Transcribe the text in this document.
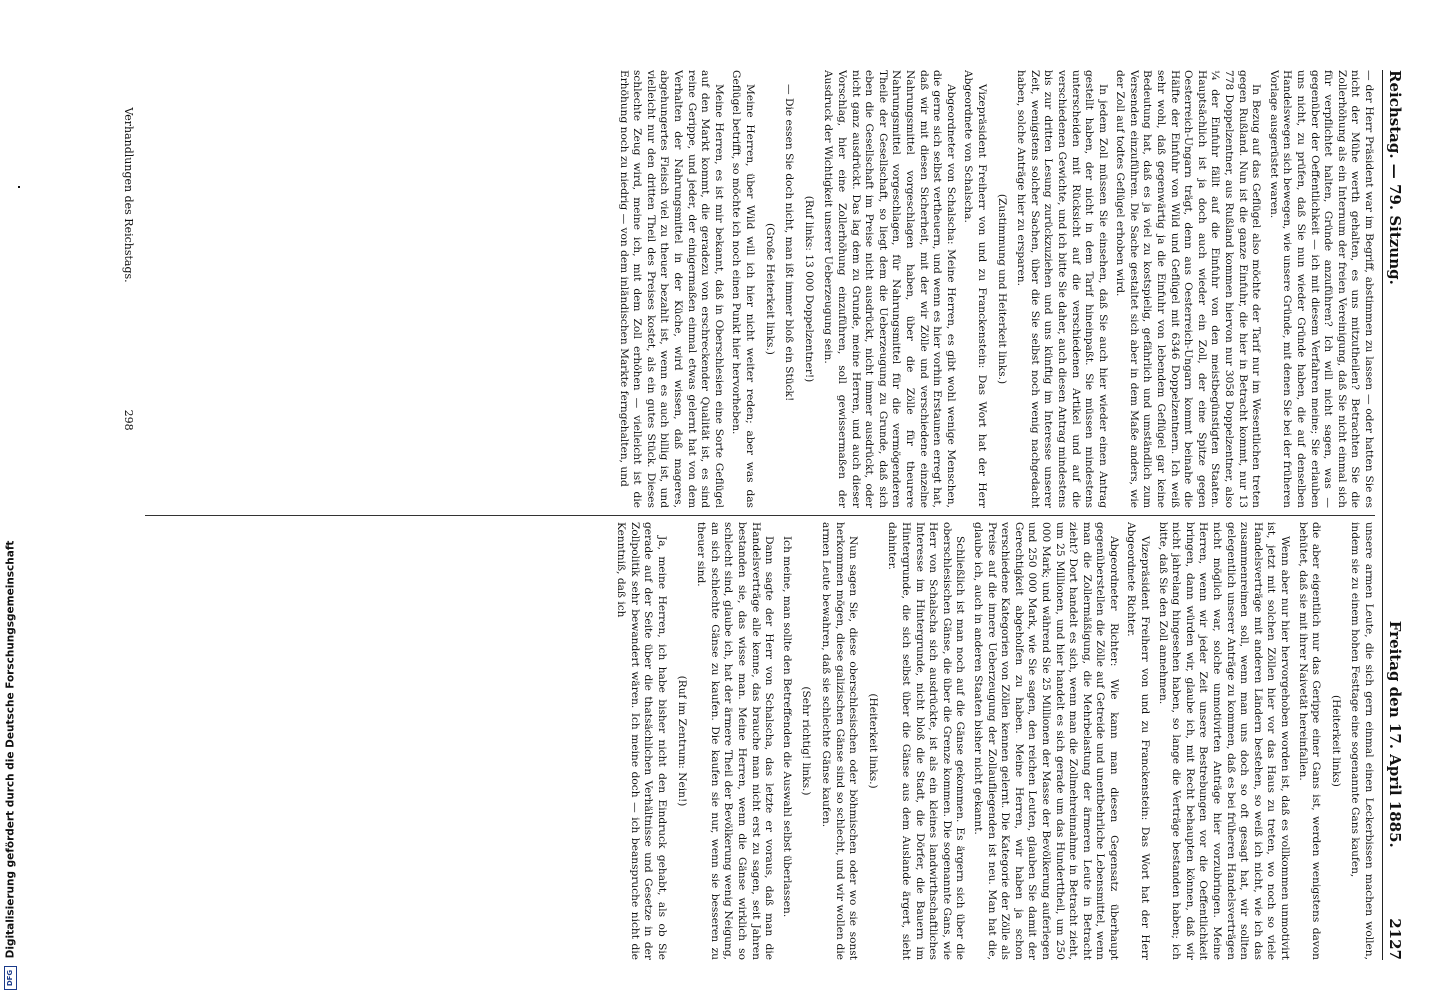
Reichstag. — 79. Sitzung.
Freitag den 17. April 1885.  2127

— der Herr Präsident war im Begriff, abstimmen zu lassen — oder hatten Sie es nicht der Mühe werth gehalten, es uns mitzutheilen? Betrachten Sie die Zollerhöhung als ein Internum der freien Vereinigung, daß Sie nicht einmal sich für verpflichtet halten, Gründe anzuführen? Ich will nicht sagen, was — gegenüber der Oeffentlichkeit — ich mit diesem Verfahren meine; Sie erlauben uns nicht, zu prüfen, daß Sie nun wieder Gründe haben, die auf denselben Handelswegen sich bewegen, wie unsere Gründe, mit denen Sie bei der früheren Vorlage ausgerüstet waren.

In Bezug auf das Geflügel also möchte der Tarif nur im Wesentlichen treten gegen Rußland. Nun ist die ganze Einfuhr, die hier in Betracht kommt, nur 13 778 Doppelzentner, aus Rußland kommen hiervon nur 3058 Doppelzentner, also ¼ der Einfuhr fällt auf die Einfuhr von den meistbegünstigten Staaten. Hauptsächlich ist ja doch auch wieder ein Zoll, der eine Spitze gegen Oesterreich-Ungarn trägt, denn aus Oesterreich-Ungarn kommt beinahe die Hälfte der Einfuhr von Wild und Geflügel mit 6346 Doppelzentnern. Ich weiß sehr wohl, daß gegenwärtig ja die Einfuhr von lebendem Geflügel gar keine Bedeutung hat, daß es ja viel zu kostspielig, gefährlich und umständlich zum Versenden einzuführen. Die Sache gestaltet sich aber in dem Maße anders, wie der Zoll auf todtes Geflügel erhoben wird.

In jedem Zoll müssen Sie einsehen, daß Sie auch hier wieder einen Antrag gestellt haben, der nicht in dem Tarif hineinpaßt. Sie müssen mindestens unterscheiden mit Rücksicht auf die verschiedenen Artikel und auf die verschiedenen Gewichte, und ich bitte Sie daher, auch diesen Antrag mindestens bis zur dritten Lesung zurückzuziehen und uns künftig im Interesse unserer Zeit, wenigstens solcher Sachen, über die Sie selbst noch wenig nachgedacht haben, solche Anträge hier zu ersparen.

(Zustimmung und Heiterkeit links.)

Vizepräsident Freiherr von und zu Franckenstein: Das Wort hat der Herr Abgeordnete von Schalscha.

Abgeordneter von Schalscha: Meine Herren, es gibt wohl wenige Menschen, die gerne sich selbst vertheuern, und wenn es hier vorhin Erstaunen erregt hat, daß wir mit diesen Sicherheit, mit der wir Zölle und verschiedene einzelne Nahrungsmittel vorgeschlagen haben, über die Zölle für theurere Nahrungsmittel vorgeschlagen, für Nahrungsmittel für die vermögenderen Theile der Gesellschaft, so liegt dem die Ueberzeugung zu Grunde, daß sich eben die Gesellschaft im Preise nicht ausdrückt, nicht immer ausdrückt, oder nicht ganz ausdrückt. Das lag dem zu Grunde, meine Herren, und auch dieser Vorschlag, hier eine Zollerhöhung einzuführen, soll gewissermaßen der Ausdruck der Wichtigkeit unserer Ueberzeugung sein.

(Ruf links: 13 000 Doppelzentner!)

— Die essen Sie doch nicht, man ißt immer bloß ein Stück!

(Große Heiterkeit links.)

Meine Herren, über Wild will ich hier nicht weiter reden; aber was das Geflügel betrifft, so möchte ich noch einen Punkt hier hervorheben.

Meine Herren, es ist mir bekannt, daß in Oberschlesien eine Sorte Geflügel auf den Markt kommt, die geradezu von erschreckender Qualität ist, es sind reine Gerippe, und jeder, der einigermaßen einmal etwas gelernt hat von dem Verhalten der Nahrungsmittel in der Küche, wird wissen, daß mageres, abgehungertes Fleisch viel zu theuer bezahlt ist, wenn es auch billig ist, und vielleicht nur den dritten Theil des Preises kostet, als ein gutes Stück. Dieses schlechte Zeug wird, meine ich, mit dem Zoll erhöhen — vielleicht ist die Erhöhung noch zu niedrig — von dem inländischen Markte ferngehalten, und

unsere armen Leute, die sich gern einmal einen Leckerbissen machen wollen, indem sie zu einem hohen Festtage eine sogenannte Gans kaufen,

(Heiterkeit links)

die aber eigentlich nur das Gerippe einer Gans ist, werden wenigstens davon behütet, daß sie mit ihrer Naivetät hereinfallen.

Wenn aber nur hier hervorgehoben worden ist, daß es vollkommen unmotivirt ist, jetzt mit solchen Zöllen hier vor das Haus zu treten, wo noch so viele Handelsverträge mit anderen Ländern bestehen, so weiß ich nicht, wie ich das zusammenreimen soll, wenn man uns doch so oft gesagt hat, wir sollten gelegentlich unserer Anträge zu kommen, daß es bei früheren Handelsverträgen nicht möglich war, solche unmotivirten Anträge hier vorzubringen. Meine Herren, wenn wir jeder Zeit unsere Bestrebungen vor die Oeffentlichkeit bringen, dann würden wir, glaube ich, mit Recht behaupten können, daß wir nicht jahrelang hingesehen haben, so lange die Verträge bestanden haben; ich bitte, daß Sie den Zoll annehmen.

Vizepräsident Freiherr von und zu Franckenstein: Das Wort hat der Herr Abgeordnete Richter.

Abgeordneter Richter: Wie kann man diesen Gegensatz überhaupt gegenüberstellen die Zölle auf Getreide und unentbehrliche Lebensmittel, wenn man die Zollermäßigung, die Mehrbelastung der ärmeren Leute in Betracht zieht? Dort handelt es sich, wenn man die Zollmehreinnahme in Betracht zieht, um 25 Millionen, und hier handelt es sich gerade um das Hunderttheil, um 250 000 Mark; und während Sie 25 Millionen der Masse der Bevölkerung auferlegen und 250 000 Mark, wie Sie sagen, den reichen Leuten, glauben Sie damit der Gerechtigkeit abgeholfen zu haben. Meine Herren, wir haben ja schon verschiedene Kategorien von Zöllen kennen gelernt. Die Kategorie der Zölle als Preise auf die innere Ueberzeugung der Zollaufliegenden ist neu. Man hat die, glaube ich, auch in anderen Staaten bisher nicht gekannt.

Schließlich ist man noch auf die Gänse gekommen. Es ärgern sich über die oberschlesischen Gänse, die über die Grenze kommen. Die sogenannte Gans, wie Herr von Schalscha sich ausdrückte, ist als ein kleines landwirthschaftliches Interesse im Hintergrunde, nicht bloß die Stadt, die Dörfer, die Bauern im Hintergrunde, die sich selbst über die Gänse aus dem Auslande ärgert, sieht dahinter.

(Heiterkeit links.)

Nun sagen Sie, diese oberschlesischen oder böhmischen oder wo sie sonst herkommen mögen, diese galizischen Gänse sind so schlecht, und wir wollen die armen Leute bewahren, daß sie schlechte Gänse kaufen.

(Sehr richtig! links.)

Ich meine, man sollte den Betreffenden die Auswahl selbst überlassen.

Dann sagte der Herr von Schalscha, das letzte er voraus, daß man die Handelsverträge alle kenne, das brauche man nicht erst zu sagen, seit Jahren bestanden sie, das wisse man. Meine Herren, wenn die Gänse wirklich so schlecht sind, glaube ich, hat der ärmere Theil der Bevölkerung wenig Neigung, an sich schlechte Gänse zu kaufen. Die kaufen sie nur, wenn sie besseren zu theuer sind.

(Ruf im Zentrum: Nein!)

Ja, meine Herren, ich habe bisher nicht den Eindruck gehabt, als ob Sie gerade auf der Seite über die thatsächlichen Verhältnisse und Gesetze in der Zollpolitik sehr bewandert wären. Ich meine doch — ich beanspruche nicht die Kenntniß, daß ich

Verhandlungen des Reichstags.  298
DFG Digitalisierung gefördert durch die Deutsche Forschungsgemeinschaft
